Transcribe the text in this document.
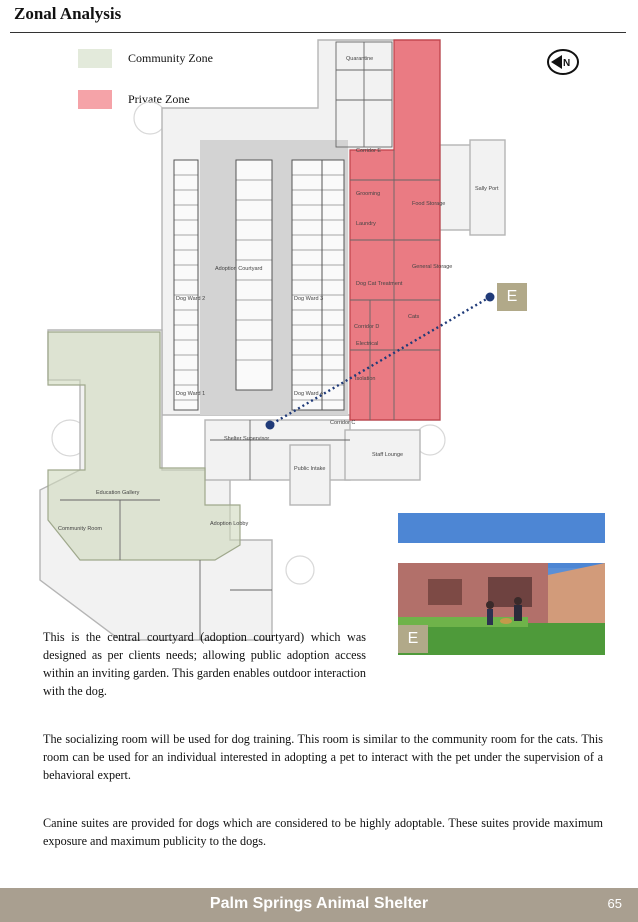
Zonal Analysis
Community Zone
Private Zone
Corridor E
Corridor D
Corridor C
Food Storage
General Storage
Cats
Grooming
Laundry
Dog Cat Treatment
Electrical
Isolation
Quarantine
Staff Lounge
Public Intake
Sally Port
Adoption Courtyard
Shelter Supervisor
Adoption Lobby
Education Gallery
Community Room
Dog Ward 1
Dog Ward 2	Dog Ward 3
Dog Ward 4
N
E
E
This is the central courtyard (adoption courtyard) which was designed as per clients needs; allowing public adoption access within an inviting garden. This garden enables outdoor interaction with the dog.
The socializing room will be used for dog training. This room is similar to the community room for the cats. This room can be used for an individual interested in adopting a pet to interact with the pet under the supervision of a behavioral expert.
Canine suites are provided for dogs which are considered to be highly adoptable. These suites provide maximum exposure and maximum publicity to the dogs.
Palm Springs Animal Shelter	65
